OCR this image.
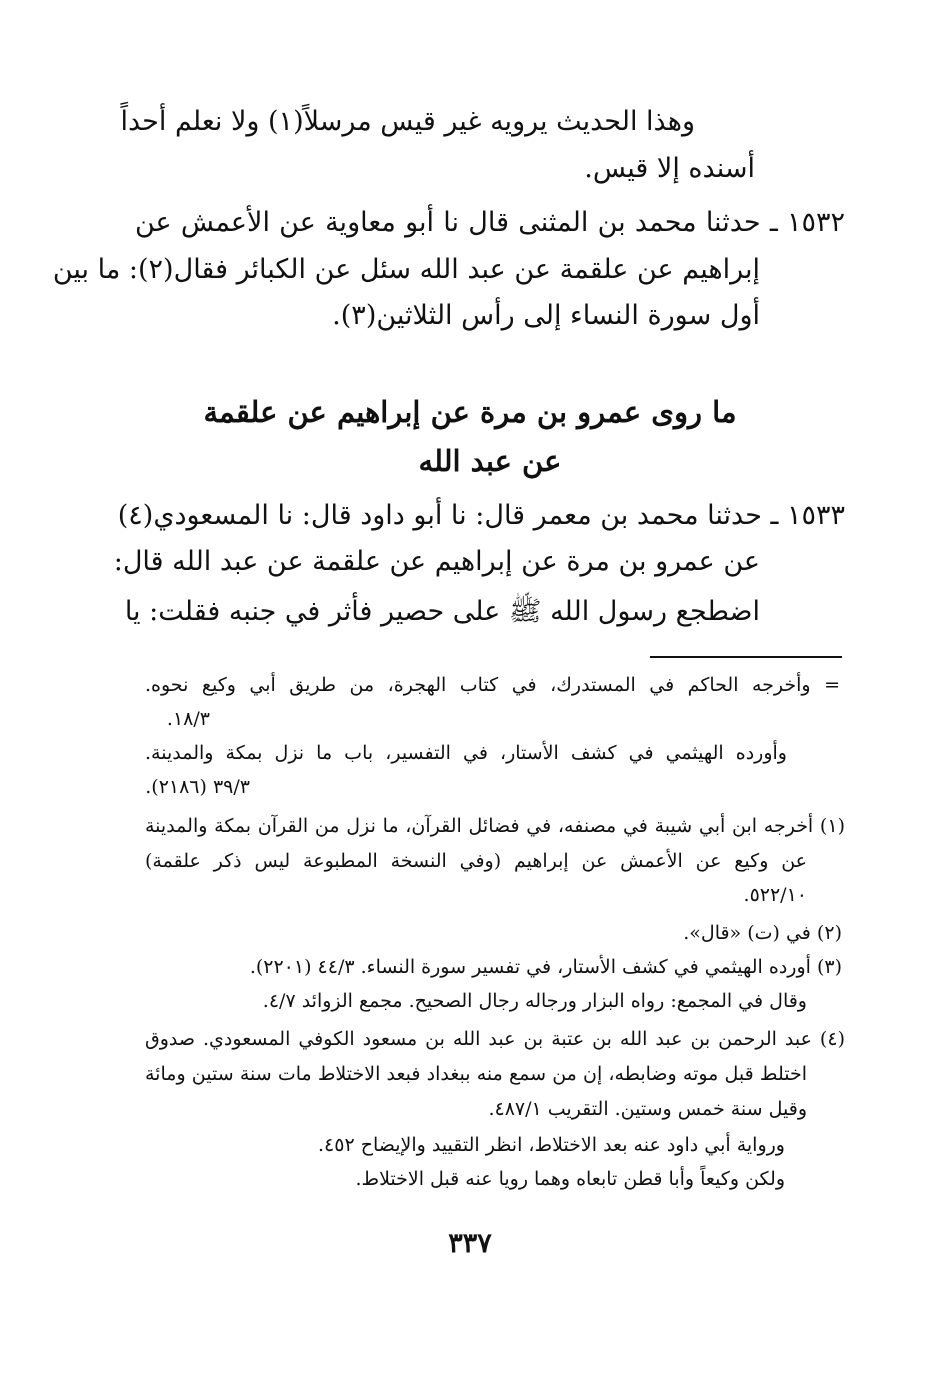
وهذا الحديث يرويه غير قيس مرسلاً(١) ولا نعلم أحداً
أسنده إلا قيس.
١٥٣٢ ـ حدثنا محمد بن المثنى قال نا أبو معاوية عن الأعمش عن
إبراهيم عن علقمة عن عبد الله سئل عن الكبائر فقال(٢): ما بين
أول سورة النساء إلى رأس الثلاثين(٣).
ما روى عمرو بن مرة عن إبراهيم عن علقمة
عن عبد الله
١٥٣٣ ـ حدثنا محمد بن معمر قال: نا أبو داود قال: نا المسعودي(٤)
عن عمرو بن مرة عن إبراهيم عن علقمة عن عبد الله قال:
اضطجع رسول الله ﷺ على حصير فأثر في جنبه فقلت: يا
= وأخرجه الحاكم في المستدرك، في كتاب الهجرة، من طريق أبي وكيع نحوه.
١٨/٣.
وأورده الهيثمي في كشف الأستار، في التفسير، باب ما نزل بمكة والمدينة.
٣٩/٣ (٢١٨٦).
(١) أخرجه ابن أبي شيبة في مصنفه، في فضائل القرآن، ما نزل من القرآن بمكة والمدينة
عن وكيع عن الأعمش عن إبراهيم (وفي النسخة المطبوعة ليس ذكر علقمة)
٥٢٢/١٠.
(٢) في (ت) «قال».
(٣) أورده الهيثمي في كشف الأستار، في تفسير سورة النساء. ٤٤/٣ (٢٢٠١).
وقال في المجمع: رواه البزار ورجاله رجال الصحيح. مجمع الزوائد ٤/٧.
(٤) عبد الرحمن بن عبد الله بن عتبة بن عبد الله بن مسعود الكوفي المسعودي. صدوق
اختلط قبل موته وضابطه، إن من سمع منه ببغداد فبعد الاختلاط مات سنة ستين ومائة
وقيل سنة خمس وستين. التقريب ٤٨٧/١.
ورواية أبي داود عنه بعد الاختلاط، انظر التقييد والإيضاح ٤٥٢.
ولكن وكيعاً وأبا قطن تابعاه وهما رويا عنه قبل الاختلاط.
٣٣٧
